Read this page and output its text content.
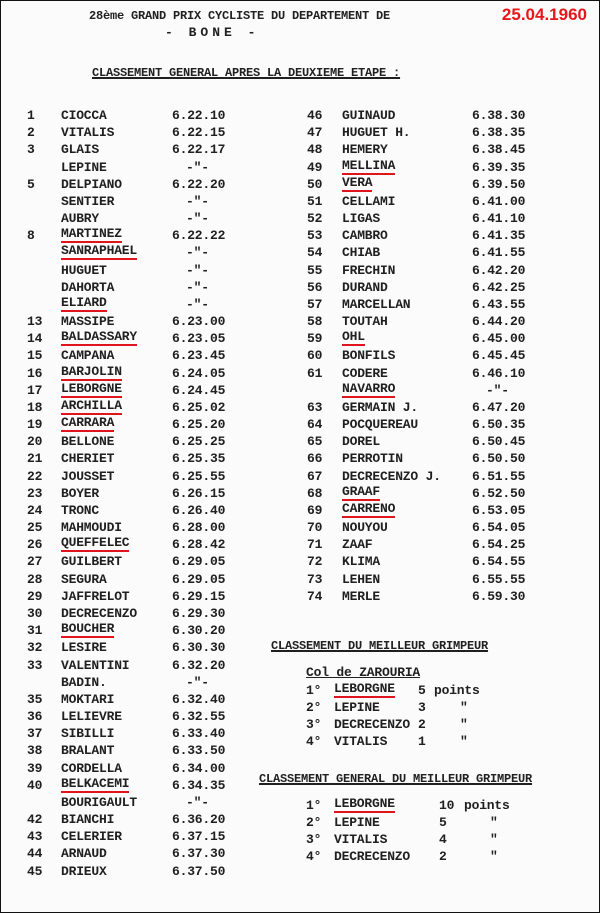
25.04.1960
28ème GRAND PRIX CYCLISTE DU DEPARTEMENT DE
- BONE -
CLASSEMENT GENERAL APRES LA DEUXIEME ETAPE :
1	CIOCCA	6.22.10
2	VITALIS	6.22.15
3	GLAIS	6.22.17
LEPINE	-"-
5	DELPIANO	6.22.20
SENTIER	-"-
AUBRY	-"-
8	MARTINEZ	6.22.22
SANRAPHAEL	-"-
HUGUET	-"-
DAHORTA	-"-
ELIARD	-"-
13	MASSIPE	6.23.00
14	BALDASSARY	6.23.05
15	CAMPANA	6.23.45
16	BARJOLIN	6.24.05
17	LEBORGNE	6.24.45
18	ARCHILLA	6.25.02
19	CARRARA	6.25.20
20	BELLONE	6.25.25
21	CHERIET	6.25.35
22	JOUSSET	6.25.55
23	BOYER	6.26.15
24	TRONC	6.26.40
25	MAHMOUDI	6.28.00
26	QUEFFELEC	6.28.42
27	GUILBERT	6.29.05
28	SEGURA	6.29.05
29	JAFFRELOT	6.29.15
30	DECRECENZO	6.29.30
31	BOUCHER	6.30.20
32	LESIRE	6.30.30
33	VALENTINI	6.32.20
BADIN.	-"-
35	MOKTARI	6.32.40
36	LELIEVRE	6.32.55
37	SIBILLI	6.33.40
38	BRALANT	6.33.50
39	CORDELLA	6.34.00
40	BELKACEMI	6.34.35
BOURIGAULT	-"-
42	BIANCHI	6.36.20
43	CELERIER	6.37.15
44	ARNAUD	6.37.30
45	DRIEUX	6.37.50
46	GUINAUD	6.38.30
47	HUGUET H.	6.38.35
48	HEMERY	6.38.45
49	MELLINA	6.39.35
50	VERA	6.39.50
51	CELLAMI	6.41.00
52	LIGAS	6.41.10
53	CAMBRO	6.41.35
54	CHIAB	6.41.55
55	FRECHIN	6.42.20
56	DURAND	6.42.25
57	MARCELLAN	6.43.55
58	TOUTAH	6.44.20
59	OHL	6.45.00
60	BONFILS	6.45.45
61	CODERE	6.46.10
NAVARRO	-"-
63	GERMAIN J.	6.47.20
64	POCQUEREAU	6.50.35
65	DOREL	6.50.45
66	PERROTIN	6.50.50
67	DECRECENZO J. 6.51.55
68	GRAAF	6.52.50
69	CARRENO	6.53.05
70	NOUYOU	6.54.05
71	ZAAF	6.54.25
72	KLIMA	6.54.55
73	LEHEN	6.55.55
74	MERLE	6.59.30
CLASSEMENT DU MEILLEUR GRIMPEUR
Col de ZAROURIA
1° LEBORGNE 5 points
2° LEPINE	3	"
3° DECRECENZO 2	"
4° VITALIS 1	"
CLASSEMENT GENERAL DU MEILLEUR GRIMPEUR
1° LEBORGNE	10 points
2° LEPINE	5	"
3° VITALIS	4	"
4° DECRECENZO 2	"
